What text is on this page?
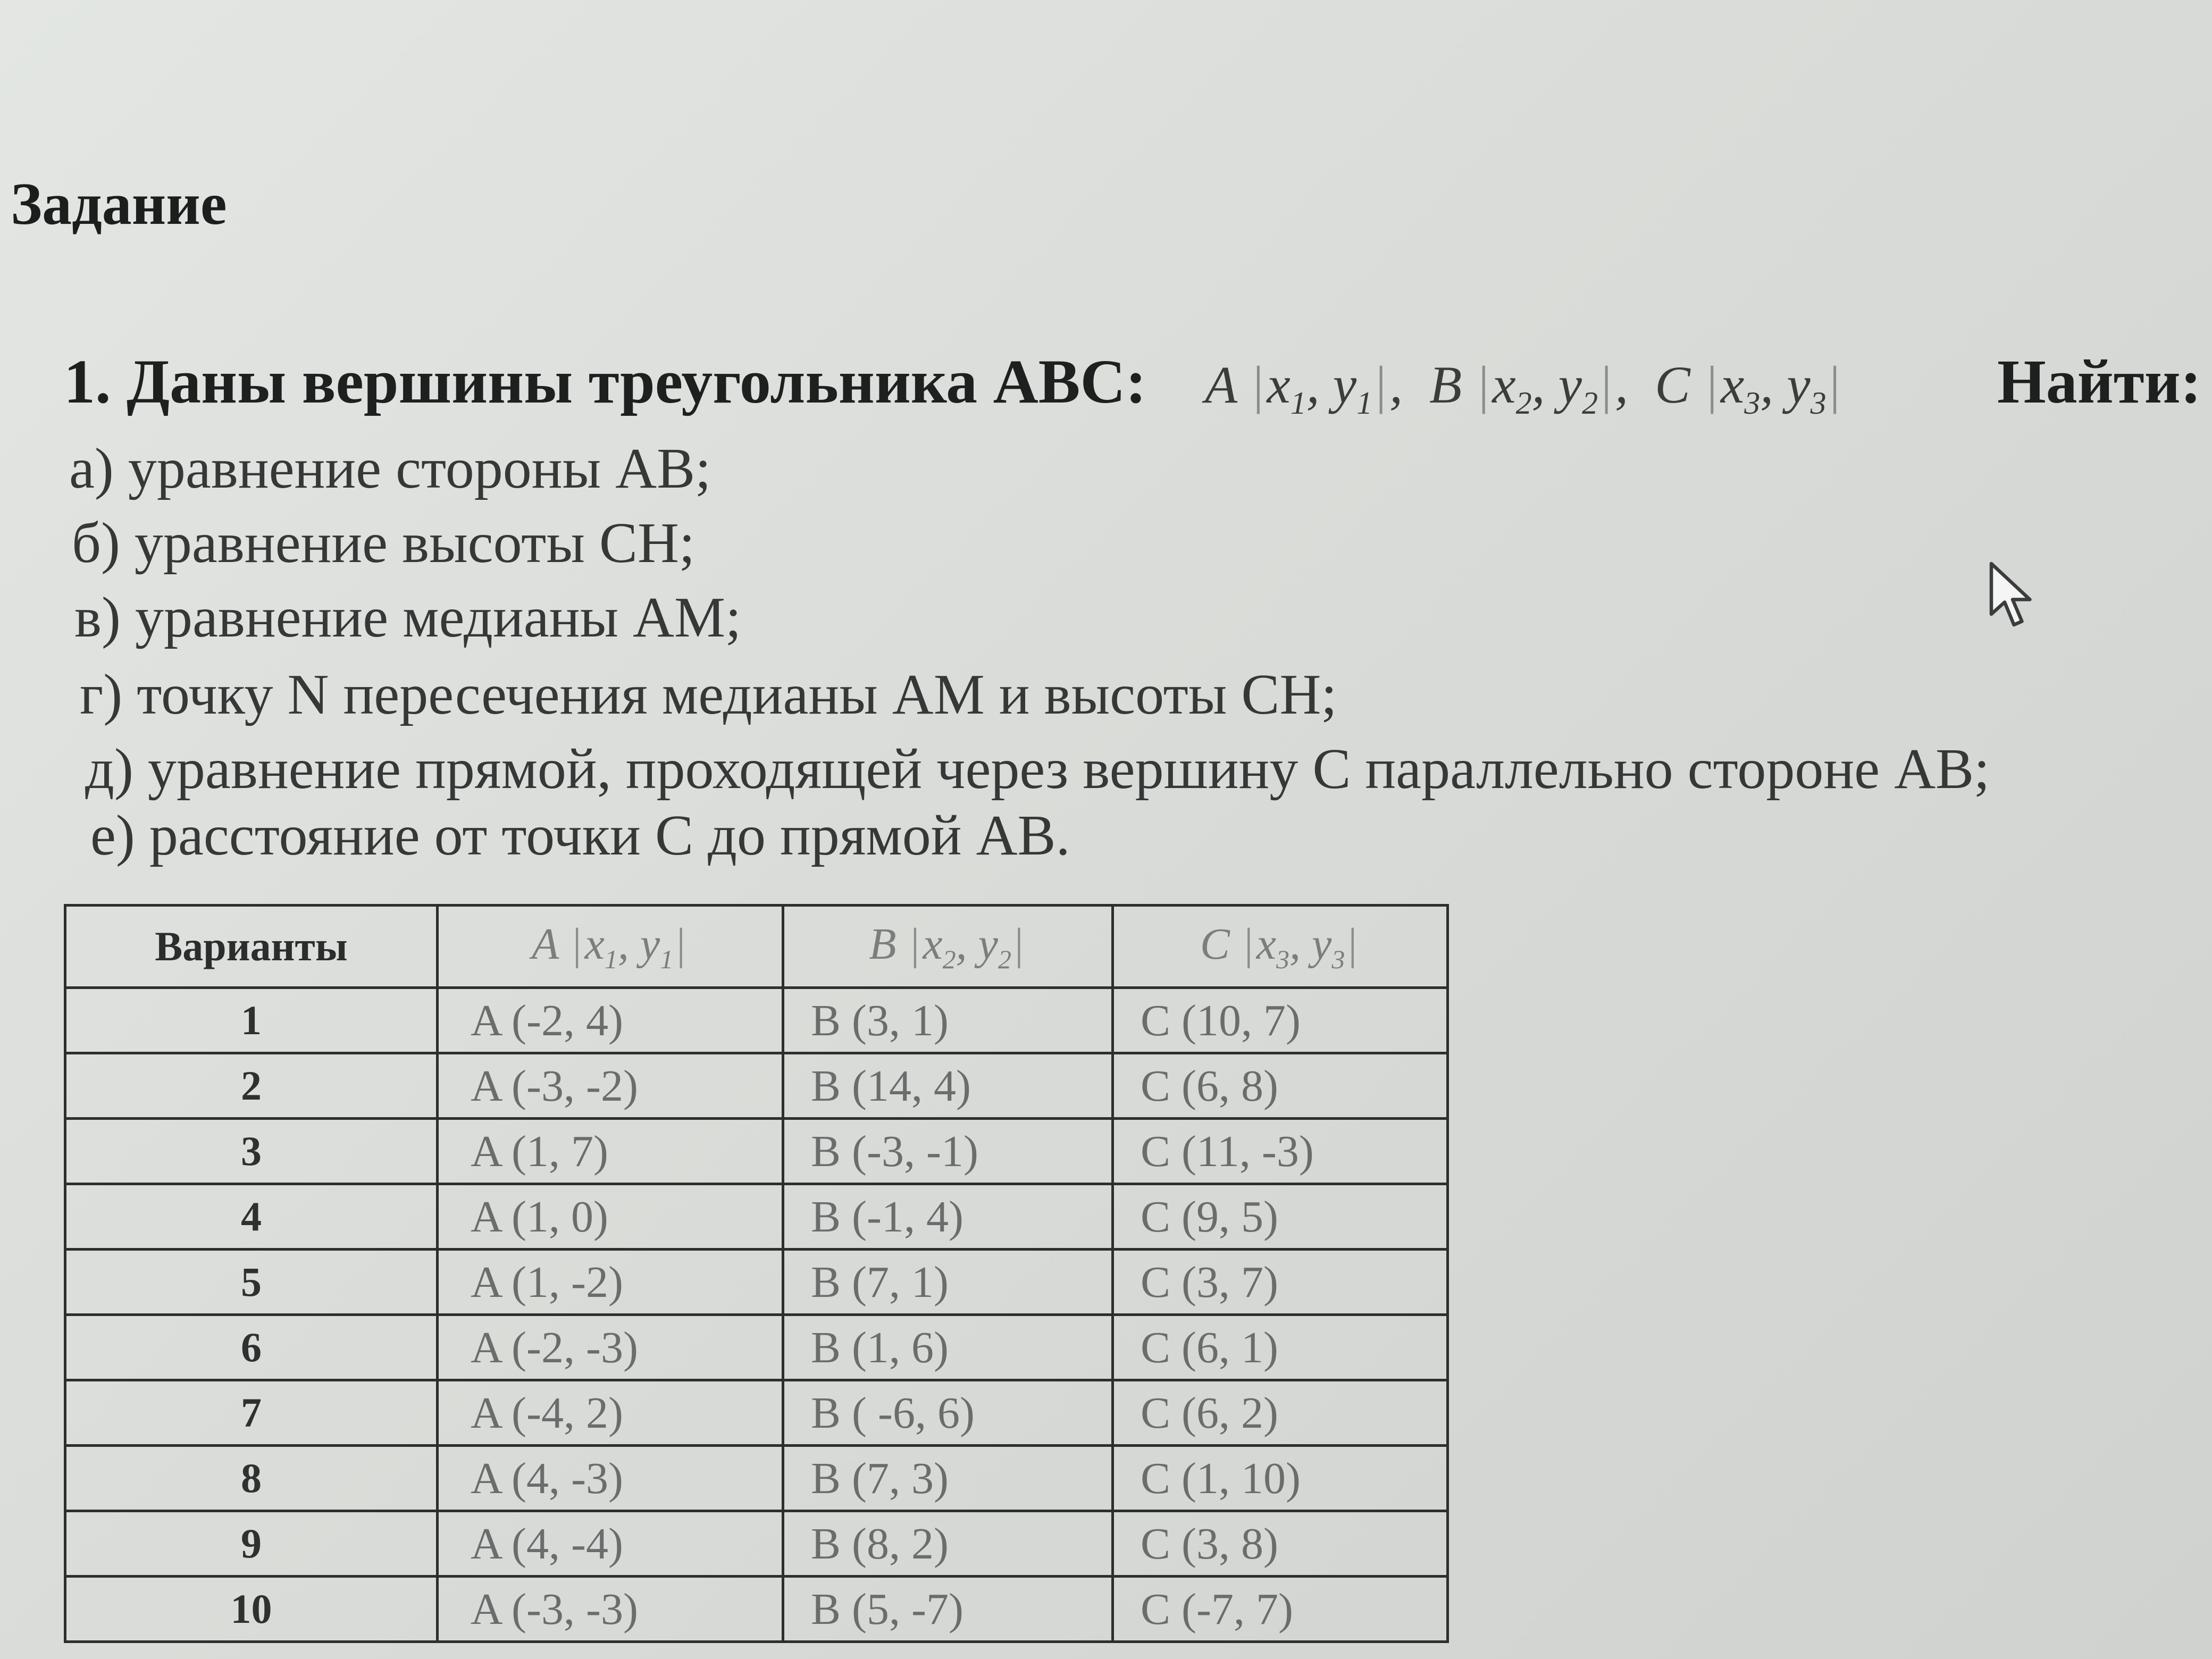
Задание
1. Даны вершины треугольника ABC: A $|x_1$, $y_1|$, B $|x_2$, $y_2|$, C $|x_3$, $y_3|$	Найти:

а) уравнение стороны AB;

б) уравнение высоты CH;

в) уравнение медианы AM;

г) точку N пересечения медианы AM и высоты CH;

д) уравнение прямой, проходящей через вершину C параллельно стороне AB;

е) расстояние от точки C до прямой AB.

Варианты	A $|x_1$, $y_1|$	B $|x_2$, $y_2|$	C $|x_3$, $y_3|$
1	A (-2, 4)	B (3, 1)	C (10, 7)
2	A (-3, -2)	B (14, 4)	C (6, 8)
3	A (1, 7)	B (-3, -1)	C (11, -3)
4	A (1, 0)	B (-1, 4)	C (9, 5)
5	A (1, -2)	B (7, 1)	C (3, 7)
6	A (-2, -3)	B (1, 6)	C (6, 1)
7	A (-4, 2)	B ( -6, 6)	C (6, 2)
8	A (4, -3)	B (7, 3)	C (1, 10)
9	A (4, -4)	B (8, 2)	C (3, 8)
10	A (-3, -3)	B (5, -7)	C (-7, 7)
